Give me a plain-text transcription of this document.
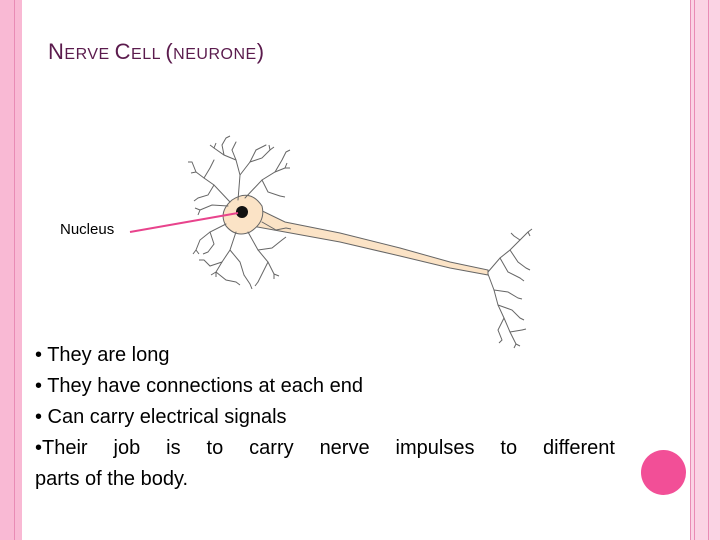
NERVE CELL (NEURONE)
Nucleus
• They are long
• They have connections at each end
• Can carry electrical signals
•Their job is to carry nerve impulses to different
parts of the body.
